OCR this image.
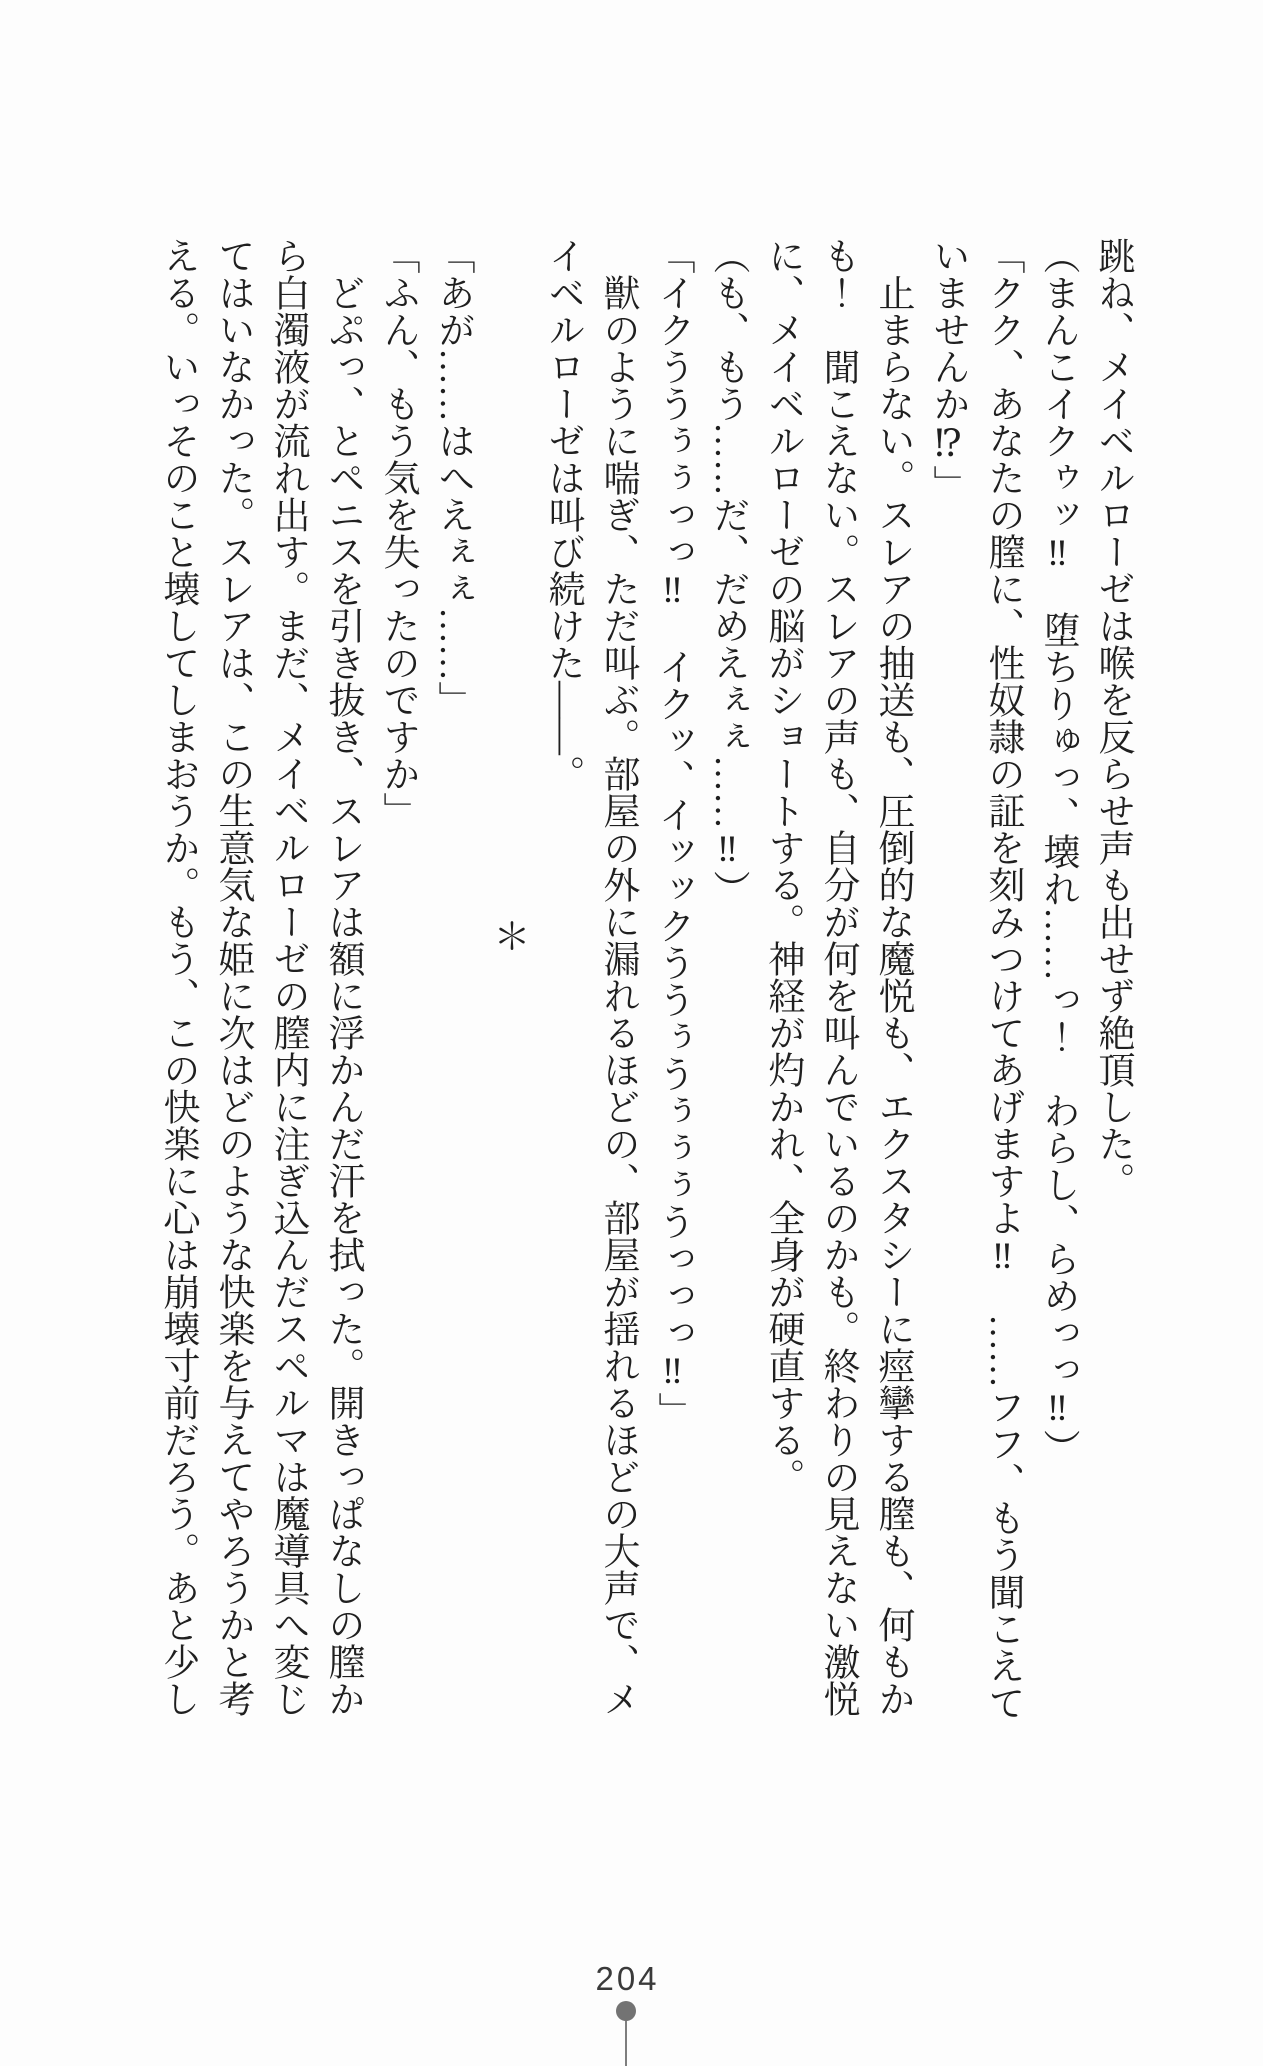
跳ね、メイベルローゼは喉を反らせ声も出せず絶頂した。

（まんこイクゥッ‼　堕ちりゅっ、壊れ……っ！　わらし、らめっっ‼）

「クク、あなたの膣に、性奴隷の証を刻みつけてあげますよ‼　……フフ、もう聞こえて

いませんか⁉」

　止まらない。スレアの抽送も、圧倒的な魔悦も、エクスタシーに痙攣する膣も、何もか

も！　聞こえない。スレアの声も、自分が何を叫んでいるのかも。終わりの見えない激悦

に、メイベルローゼの脳がショートする。神経が灼かれ、全身が硬直する。

（も、もう……だ、だめえぇぇ……‼）

「イクううぅぅっっ‼　イクッ、イッックううぅうぅぅぅうっっっ‼」

　獣のように喘ぎ、ただ叫ぶ。部屋の外に漏れるほどの、部屋が揺れるほどの大声で、メ

イベルローゼは叫び続けた――。

＊

「あが……はへえぇぇ……」

「ふん、もう気を失ったのですか」

　どぷっ、とペニスを引き抜き、スレアは額に浮かんだ汗を拭った。開きっぱなしの膣か

ら白濁液が流れ出す。まだ、メイベルローゼの膣内に注ぎ込んだスペルマは魔導具へ変じ

てはいなかった。スレアは、この生意気な姫に次はどのような快楽を与えてやろうかと考

える。いっそのこと壊してしまおうか。もう、この快楽に心は崩壊寸前だろう。あと少し

204
